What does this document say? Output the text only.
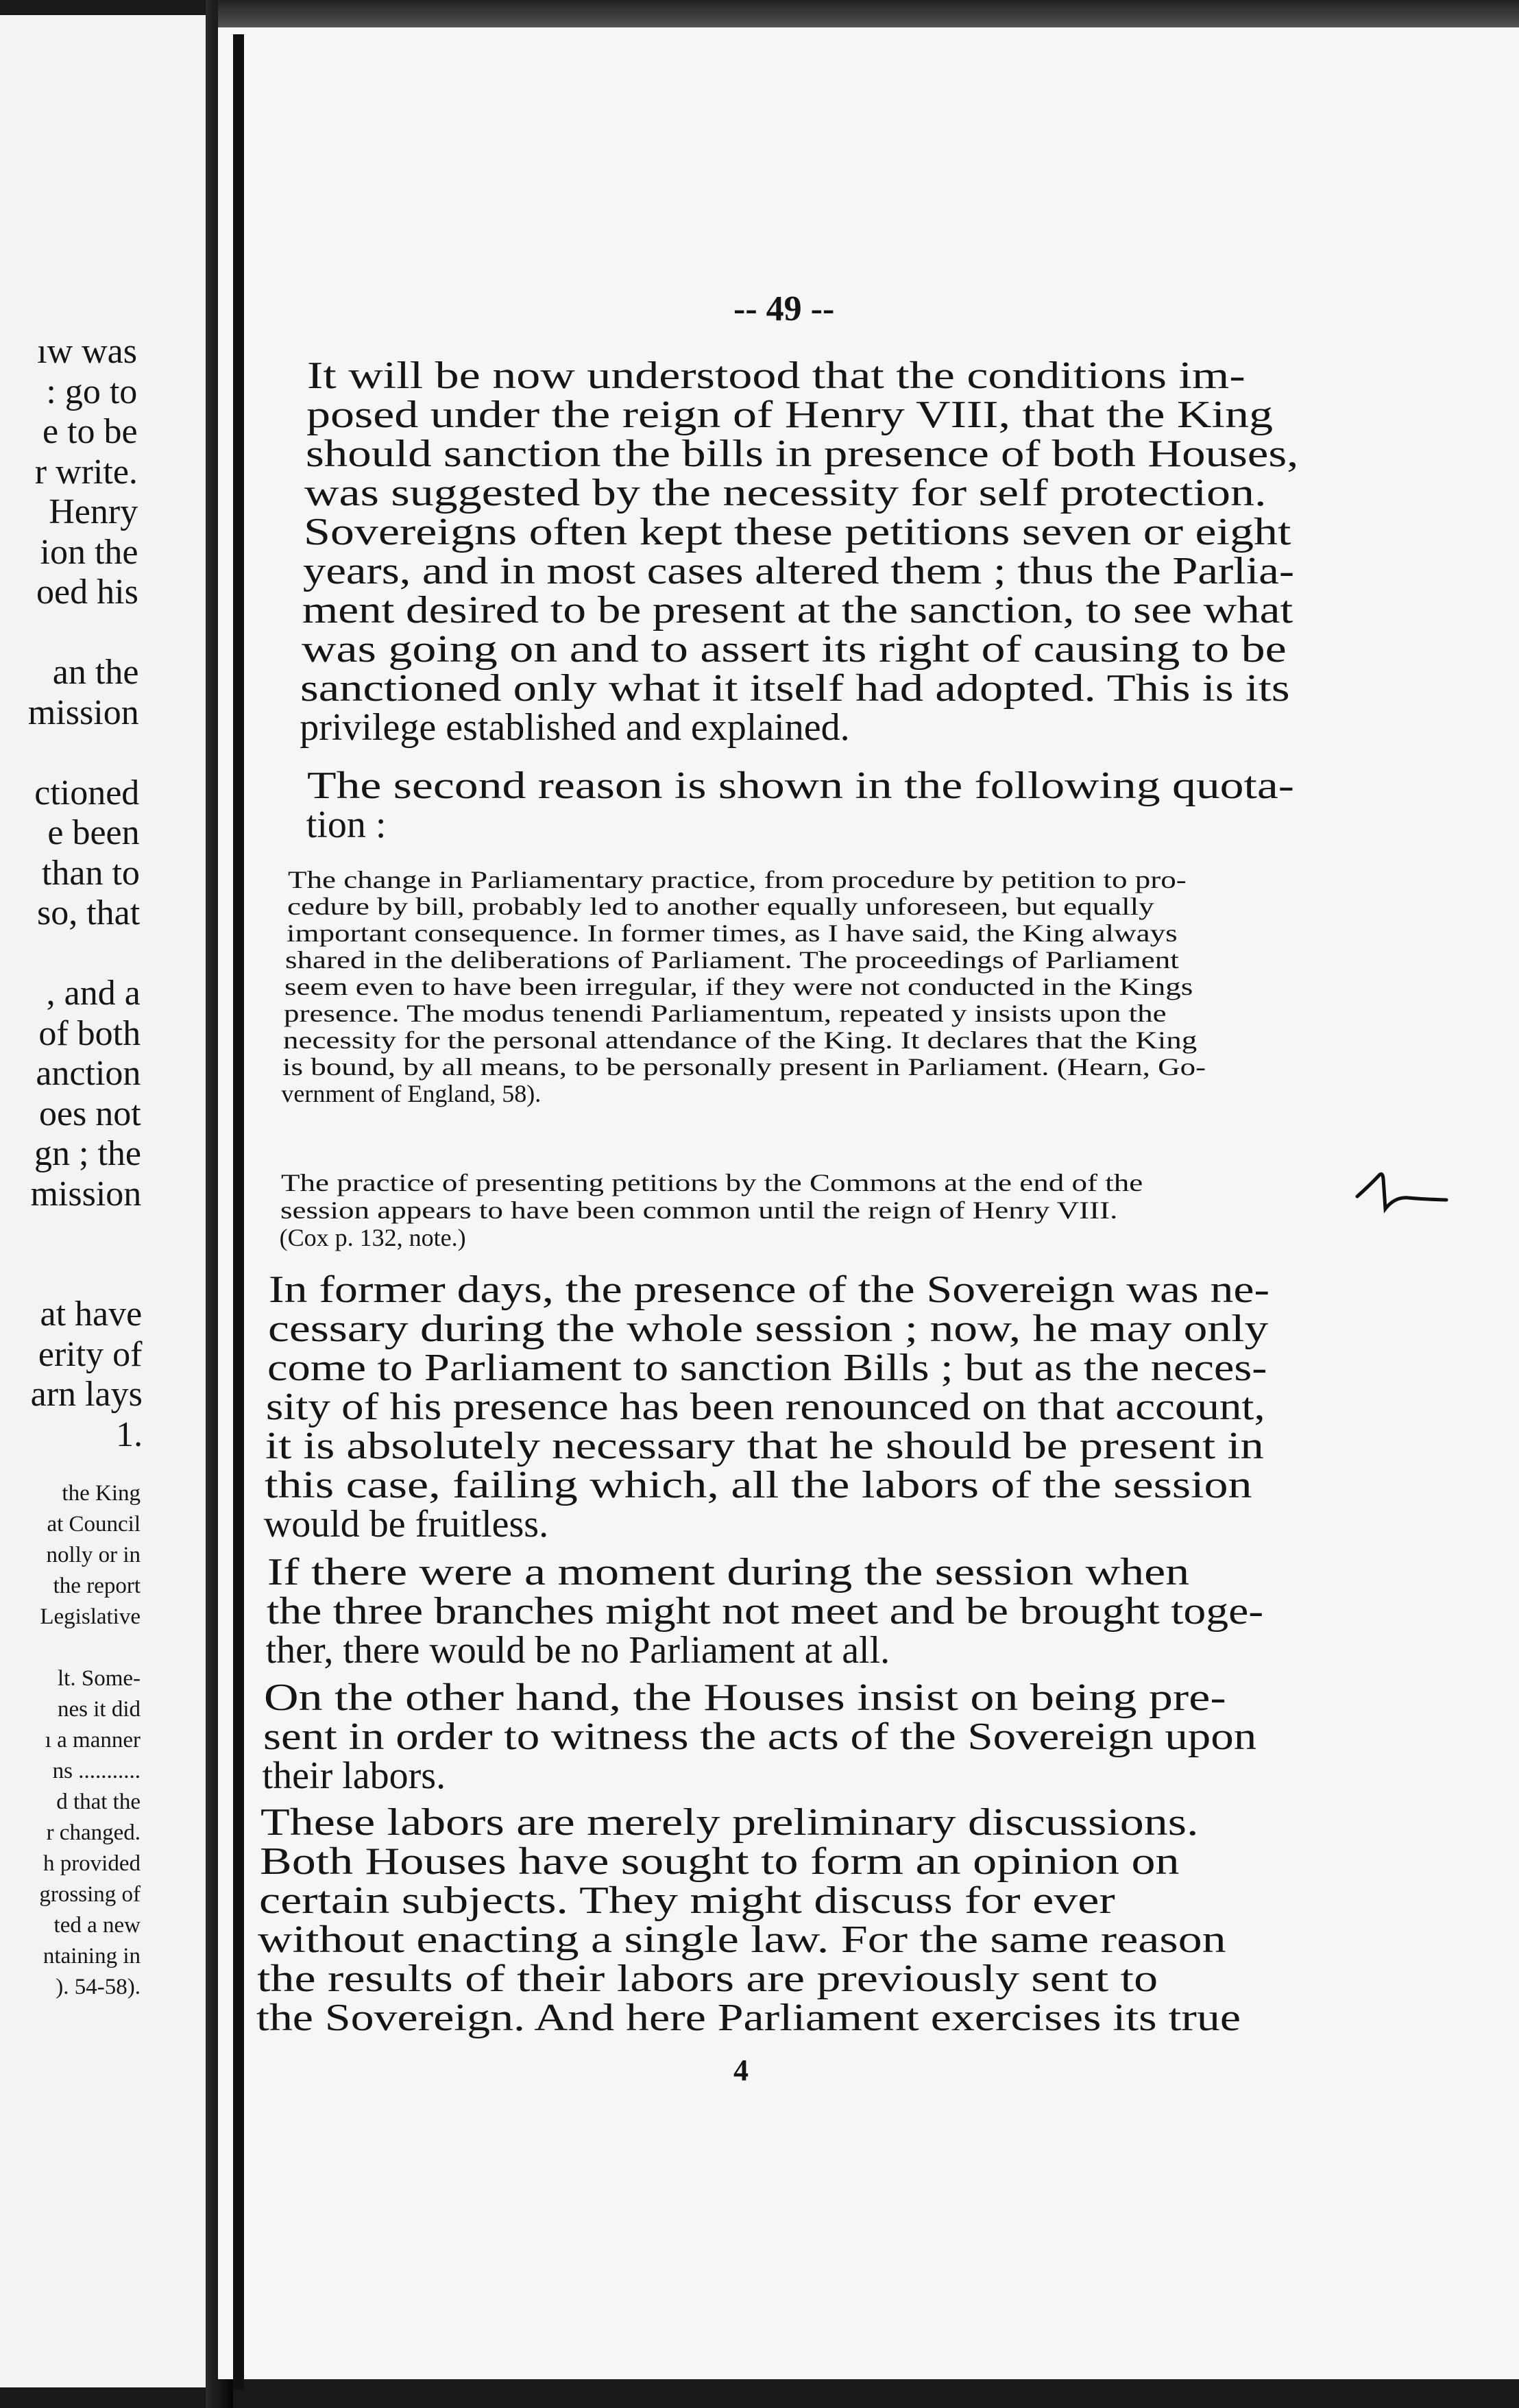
ıw was
: go to
e to be
r write.
Henry
ion the
oed his
an the
mission
ctioned
e been
than to
so, that
, and a
of both
anction
oes not
gn ; the
mission
at have
erity of
arn lays
1.
the King
at Council
nolly or in
the report
Legislative
lt. Some-
nes it did
ı a manner
ns ...........
d that the
r changed.
h provided
grossing of
ted a new
ntaining in
). 54-58).
-- 49 --
It will be now understood that the conditions im-
posed under the reign of Henry VIII, that the King
should sanction the bills in presence of both Houses,
was suggested by the necessity for self protection.
Sovereigns often kept these petitions seven or eight
years, and in most cases altered them ; thus the Parlia-
ment desired to be present at the sanction, to see what
was going on and to assert its right of causing to be
sanctioned only what it itself had adopted. This is its
privilege established and explained.
The second reason is shown in the following quota-
tion :
The change in Parliamentary practice, from procedure by petition to pro-
cedure by bill, probably led to another equally unforeseen, but equally
important consequence. In former times, as I have said, the King always
shared in the deliberations of Parliament. The proceedings of Parliament
seem even to have been irregular, if they were not conducted in the Kings
presence. The modus tenendi Parliamentum, repeated y insists upon the
necessity for the personal attendance of the King. It declares that the King
is bound, by all means, to be personally present in Parliament. (Hearn, Go-
vernment of England, 58).
The practice of presenting petitions by the Commons at the end of the
session appears to have been common until the reign of Henry VIII.
(Cox p. 132, note.)
In former days, the presence of the Sovereign was ne-
cessary during the whole session ; now, he may only
come to Parliament to sanction Bills ; but as the neces-
sity of his presence has been renounced on that account,
it is absolutely necessary that he should be present in
this case, failing which, all the labors of the session
would be fruitless.
If there were a moment during the session when
the three branches might not meet and be brought toge-
ther, there would be no Parliament at all.
On the other hand, the Houses insist on being pre-
sent in order to witness the acts of the Sovereign upon
their labors.
These labors are merely preliminary discussions.
Both Houses have sought to form an opinion on
certain subjects. They might discuss for ever
without enacting a single law. For the same reason
the results of their labors are previously sent to
the Sovereign. And here Parliament exercises its true
4
